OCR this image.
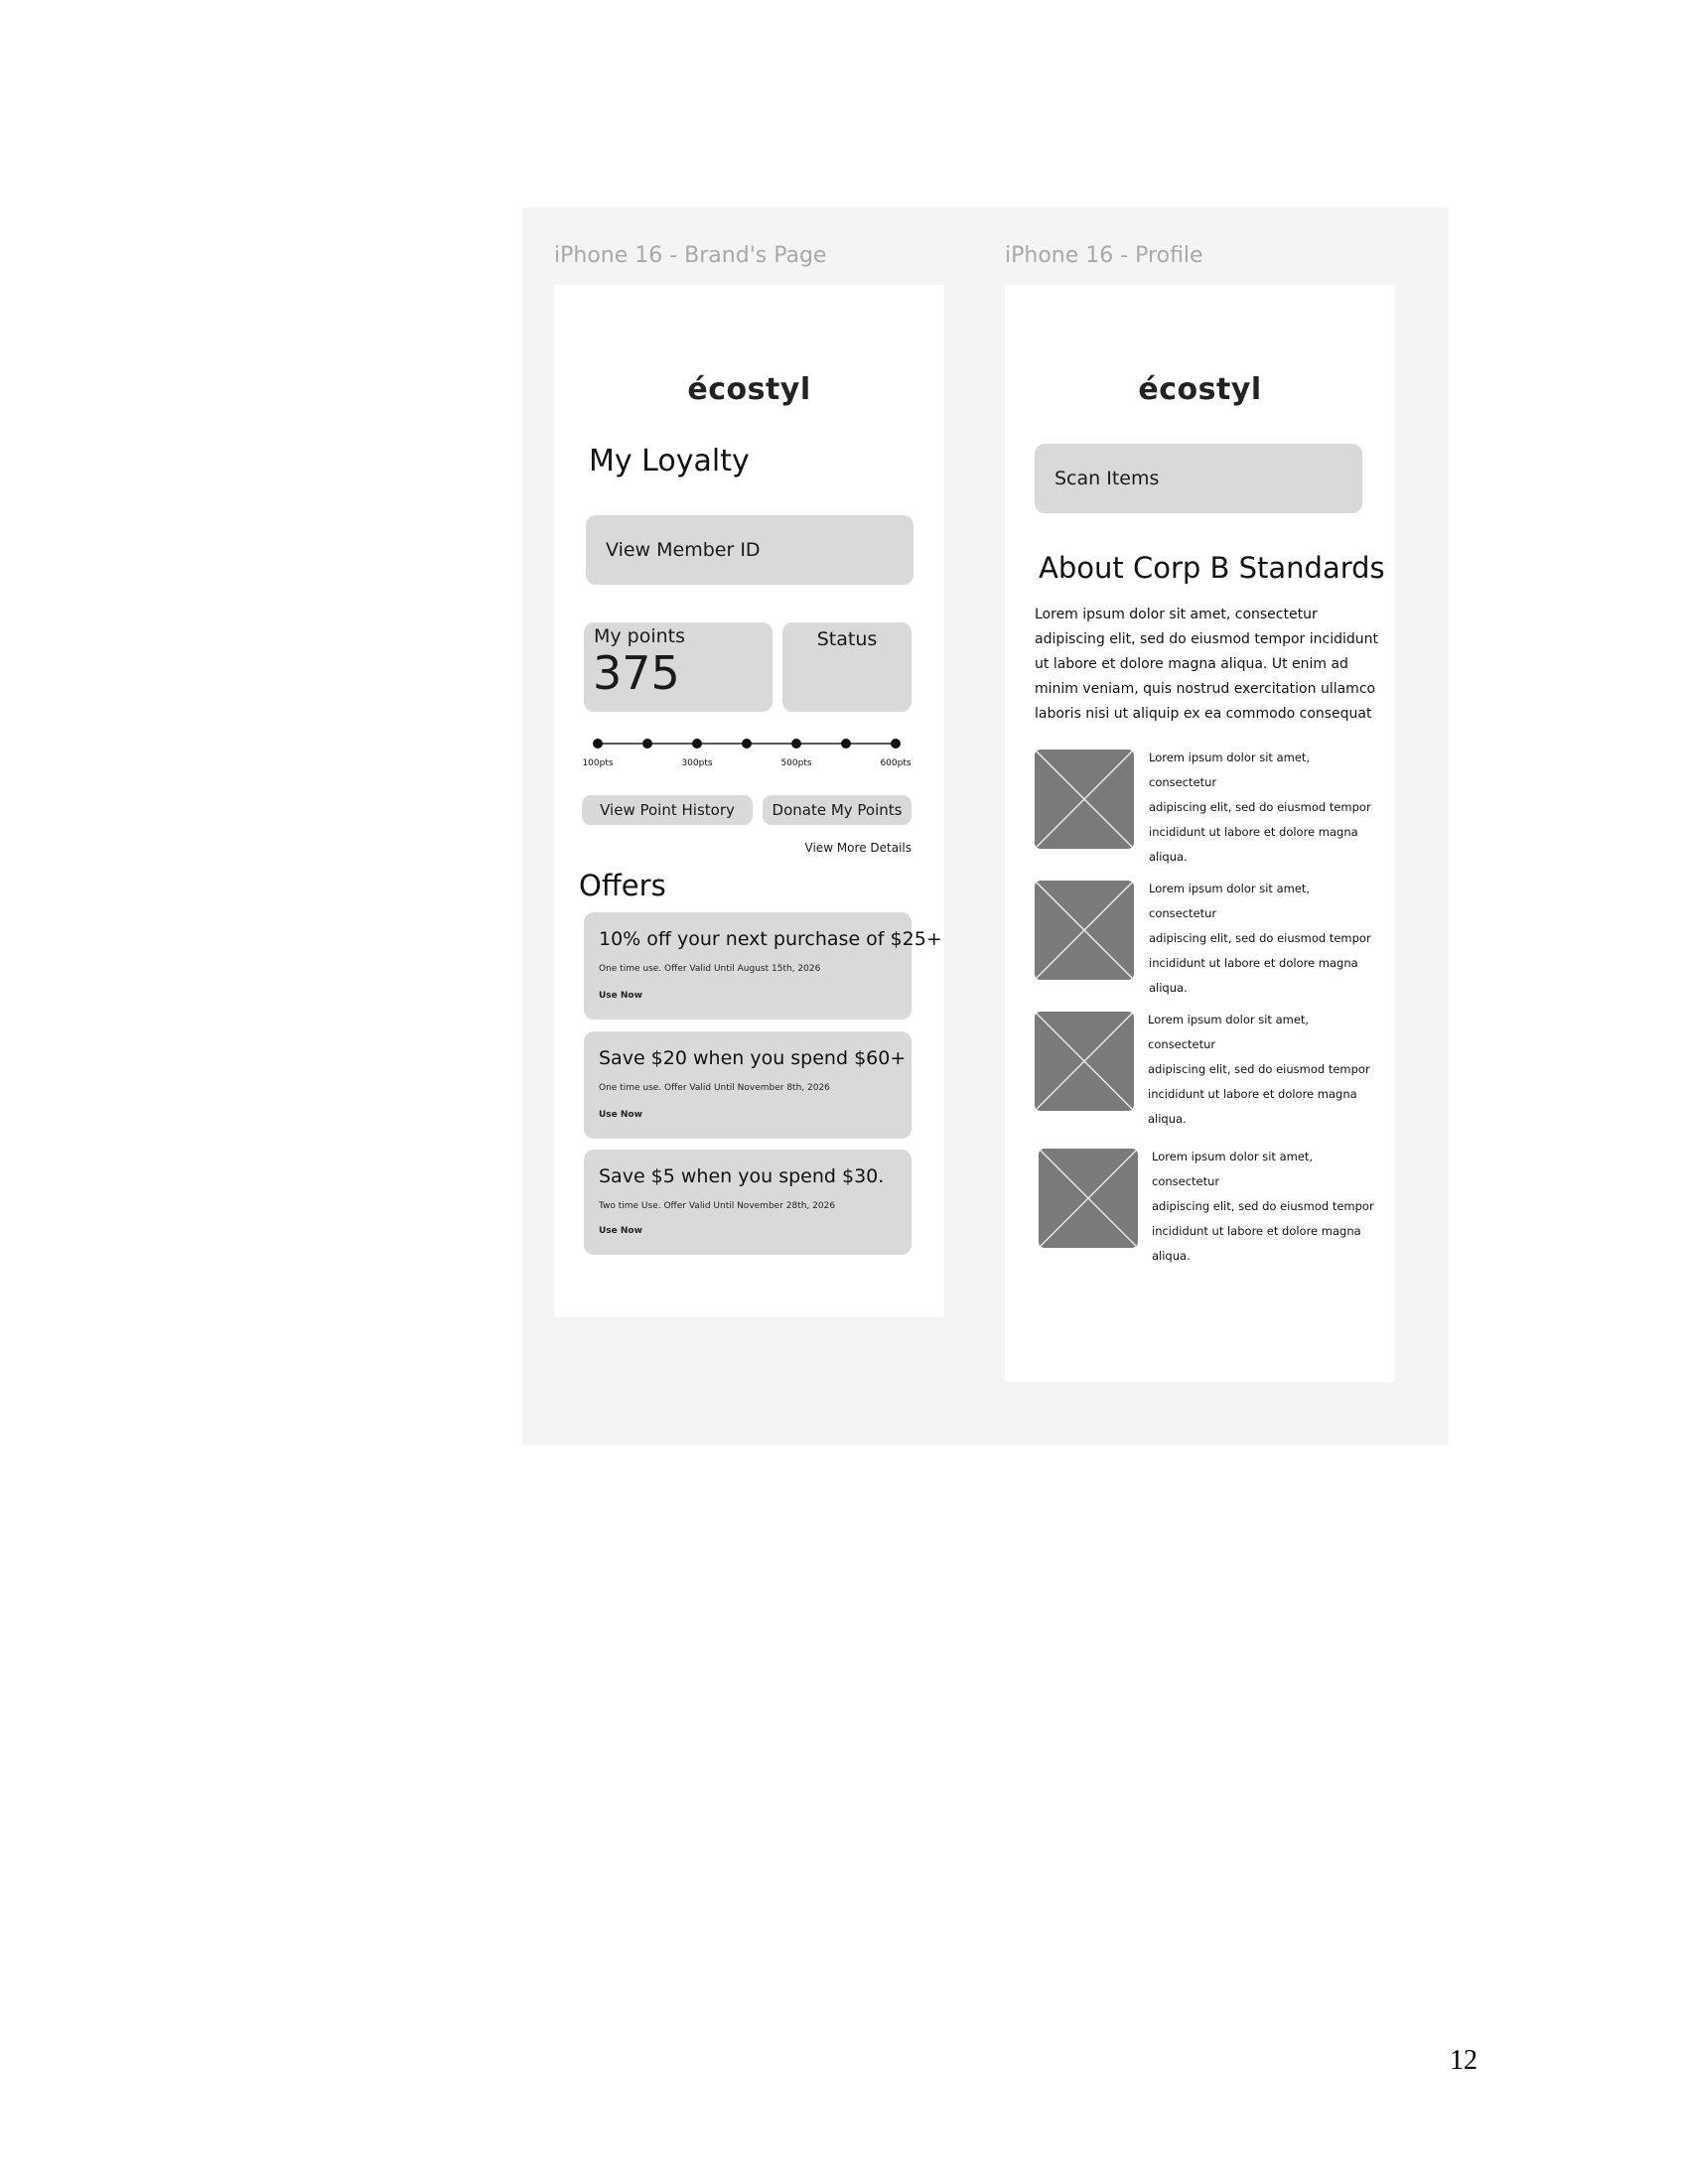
iPhone 16 - Brand's Page
écostyl
My Loyalty
View Member ID
My points
375
Status
100pts	300pts	500pts	600pts
View Point History	Donate My Points
View More Details
Offers
10% off your next purchase of $25+
One time use. Offer Valid Until August 15th, 2026
Use Now
Save $20 when you spend $60+
One time use. Offer Valid Until November 8th, 2026
Use Now
Save $5 when you spend $30.
Two time Use. Offer Valid Until November 28th, 2026
Use Now
iPhone 16 - Profile
écostyl
Scan Items
About Corp B Standards
Lorem ipsum dolor sit amet, consectetur
adipiscing elit, sed do eiusmod tempor incididunt
ut labore et dolore magna aliqua. Ut enim ad
minim veniam, quis nostrud exercitation ullamco
laboris nisi ut aliquip ex ea commodo consequat
Lorem ipsum dolor sit amet, consectetur
adipiscing elit, sed do eiusmod tempor
incididunt ut labore et dolore magna
aliqua.
Lorem ipsum dolor sit amet, consectetur
adipiscing elit, sed do eiusmod tempor
incididunt ut labore et dolore magna
aliqua.
Lorem ipsum dolor sit amet, consectetur
adipiscing elit, sed do eiusmod tempor
incididunt ut labore et dolore magna
aliqua.
Lorem ipsum dolor sit amet, consectetur
adipiscing elit, sed do eiusmod tempor
incididunt ut labore et dolore magna
aliqua.
12
